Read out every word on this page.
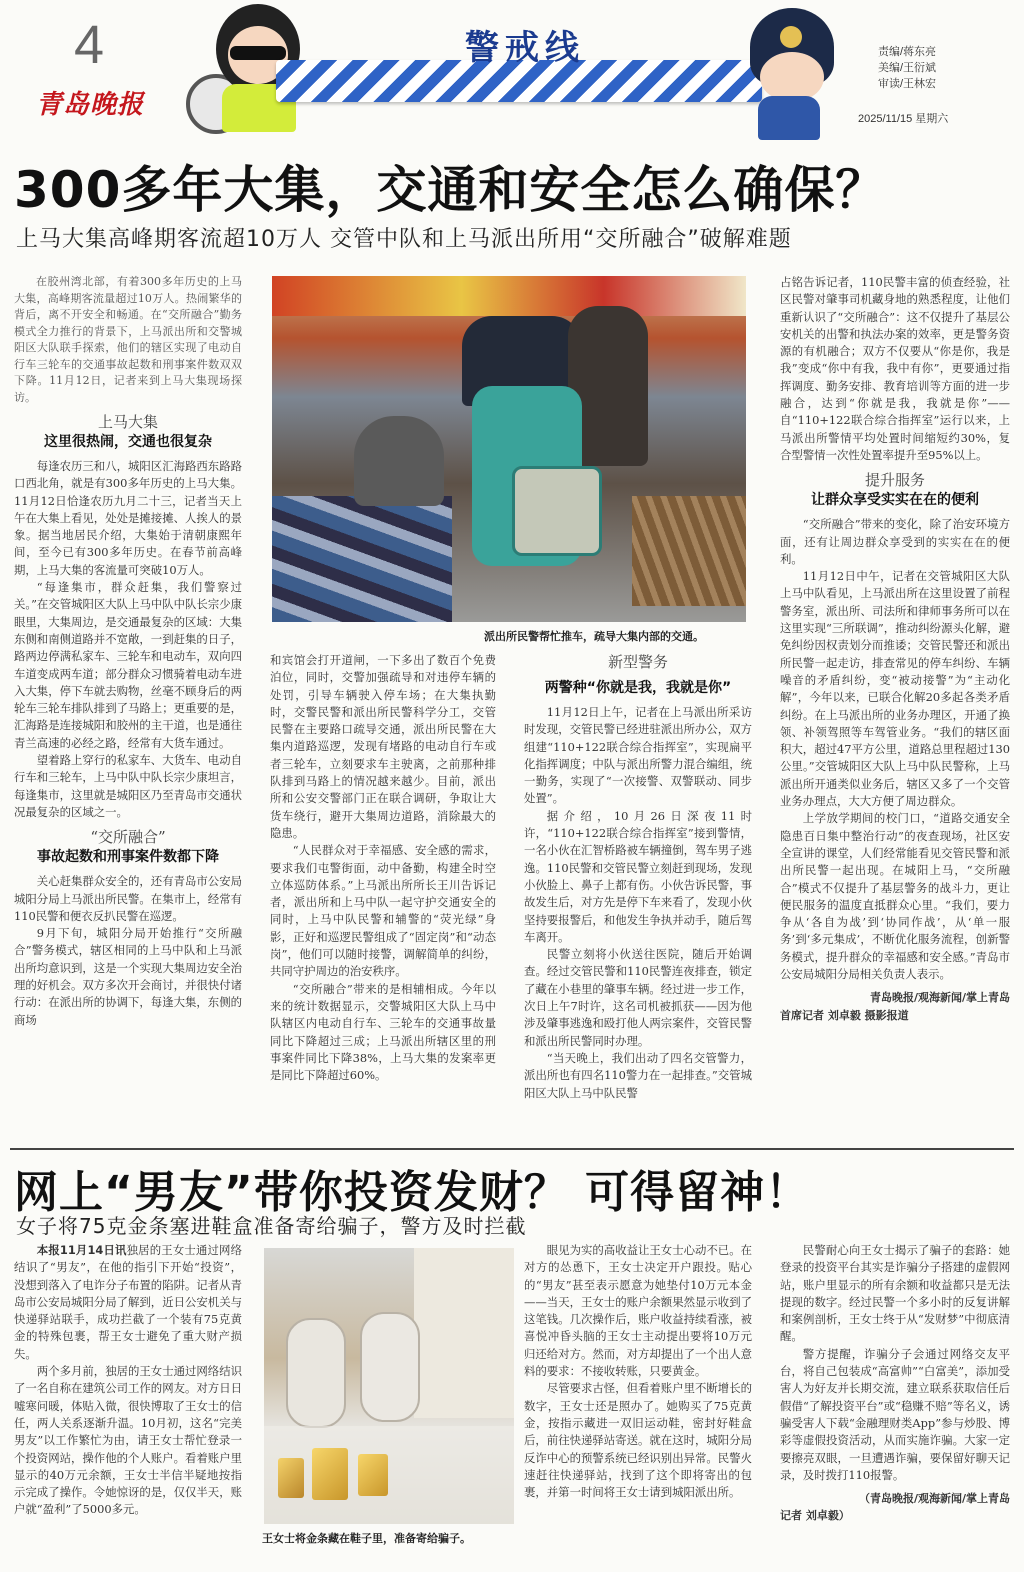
4
青岛晚报
警戒线	责编/蒋东亮
美编/王衍斌
审读/王林宏
2025/11/15 星期六
300多年大集，交通和安全怎么确保？
上马大集高峰期客流超10万人 交管中队和上马派出所用“交所融合”破解难题

在胶州湾北部，有着300多年历史的上马大集，高峰期客流量超过10万人。热闹繁华的背后，离不开安全和畅通。在“交所融合”勤务模式全力推行的背景下，上马派出所和交警城阳区大队联手探索，他们的辖区实现了电动自行车三轮车的交通事故起数和刑事案件数双双下降。11月12日，记者来到上马大集现场探访。

上马大集
这里很热闹，交通也很复杂

每逢农历三和八，城阳区汇海路西东路路口西北角，就是有300多年历史的上马大集。11月12日恰逢农历九月二十三，记者当天上午在大集上看见，处处是摊接摊、人挨人的景象。据当地居民介绍，大集始于清朝康熙年间，至今已有300多年历史。在春节前高峰期，上马大集的客流量可突破10万人。

“每逢集市，群众赶集，我们警察过关。”在交管城阳区大队上马中队中队长宗少康眼里，大集周边，是交通最复杂的区域：大集东侧和南侧道路并不宽敞，一到赶集的日子，路两边停满私家车、三轮车和电动车，双向四车道变成两车道；部分群众习惯骑着电动车进入大集，停下车就去购物，丝毫不顾身后的两轮车三轮车排队排到了马路上；更重要的是，汇海路是连接城阳和胶州的主干道，也是通往青兰高速的必经之路，经常有大货车通过。

望着路上穿行的私家车、大货车、电动自行车和三轮车，上马中队中队长宗少康坦言，每逢集市，这里就是城阳区乃至青岛市交通状况最复杂的区域之一。

“交所融合”
事故起数和刑事案件数都下降

关心赶集群众安全的，还有青岛市公安局城阳分局上马派出所民警。在集市上，经常有110民警和便衣反扒民警在巡逻。

9月下旬，城阳分局开始推行“交所融合”警务模式，辖区相同的上马中队和上马派出所均意识到，这是一个实现大集周边安全治理的好机会。双方多次开会商讨，并很快付诸行动：在派出所的协调下，每逢大集，东侧的商场

派出所民警帮忙推车，疏导大集内部的交通。

和宾馆会打开道闸，一下多出了数百个免费泊位，同时，交警加强疏导和对违停车辆的处罚，引导车辆驶入停车场；在大集执勤时，交警民警和派出所民警科学分工，交管民警在主要路口疏导交通，派出所民警在大集内道路巡逻，发现有堵路的电动自行车或者三轮车，立刻要求车主驶离，之前那种排队排到马路上的情况越来越少。目前，派出所和公安交警部门正在联合调研，争取让大货车绕行，避开大集周边道路，消除最大的隐患。

“人民群众对于幸福感、安全感的需求，要求我们屯警街面，动中备勤，构建全时空立体巡防体系。”上马派出所所长王川告诉记者，派出所和上马中队一起守护交通安全的同时，上马中队民警和辅警的“荧光绿”身影，正好和巡逻民警组成了“固定岗”和“动态岗”，他们可以随时接警，调解简单的纠纷，共同守护周边的治安秩序。

“交所融合”带来的是相辅相成。今年以来的统计数据显示，交警城阳区大队上马中队辖区内电动自行车、三轮车的交通事故量同比下降超过三成；上马派出所辖区里的刑事案件同比下降38%，上马大集的发案率更是同比下降超过60%。

新型警务
两警种“你就是我，我就是你”

11月12日上午，记者在上马派出所采访时发现，交管民警已经进驻派出所办公，双方组建“110+122联合综合指挥室”，实现扁平化指挥调度；中队与派出所警力混合编组，统一勤务，实现了“一次接警、双警联动、同步处置”。

据介绍，10月26日深夜11时许，“110+122联合综合指挥室”接到警情，一名小伙在汇智桥路被车辆撞倒，驾车男子逃逸。110民警和交管民警立刻赶到现场，发现小伙脸上、鼻子上都有伤。小伙告诉民警，事故发生后，对方先是停下车来看了，发现小伙坚持要报警后，和他发生争执并动手，随后驾车离开。

民警立刻将小伙送往医院，随后开始调查。经过交管民警和110民警连夜排查，锁定了藏在小巷里的肇事车辆。经过进一步工作，次日上午7时许，这名司机被抓获——因为他涉及肇事逃逸和殴打他人两宗案件，交管民警和派出所民警同时办理。

“当天晚上，我们出动了四名交管警力，派出所也有四名110警力在一起排查。”交管城阳区大队上马中队民警

占铭告诉记者，110民警丰富的侦查经验，社区民警对肇事司机藏身地的熟悉程度，让他们重新认识了“交所融合”：这不仅提升了基层公安机关的出警和执法办案的效率，更是警务资源的有机融合；双方不仅要从“你是你，我是我”变成“你中有我，我中有你”，更要通过指挥调度、勤务安排、教育培训等方面的进一步融合，达到“你就是我，我就是你”——自“110+122联合综合指挥室”运行以来，上马派出所警情平均处置时间缩短约30%，复合型警情一次性处置率提升至95%以上。

提升服务
让群众享受实实在在的便利

“交所融合”带来的变化，除了治安环境方面，还有让周边群众享受到的实实在在的便利。

11月12日中午，记者在交管城阳区大队上马中队看见，上马派出所在这里设置了前程警务室，派出所、司法所和律师事务所可以在这里实现“三所联调”，推动纠纷源头化解，避免纠纷因权责划分而推诿；交管民警还和派出所民警一起走访，排查常见的停车纠纷、车辆噪音的矛盾纠纷，变“被动接警”为“主动化解”，今年以来，已联合化解20多起各类矛盾纠纷。在上马派出所的业务办理区，开通了换领、补领驾照等车驾管业务。“我们的辖区面积大，超过47平方公里，道路总里程超过130公里。”交管城阳区大队上马中队民警称，上马派出所开通类似业务后，辖区又多了一个交管业务办理点，大大方便了周边群众。

上学放学期间的校门口，“道路交通安全隐患百日集中整治行动”的夜查现场，社区安全宣讲的课堂，人们经常能看见交管民警和派出所民警一起出现。在城阳上马，“交所融合”模式不仅提升了基层警务的战斗力，更让便民服务的温度直抵群众心里。“我们，要力争从‘各自为战’到‘协同作战’，从‘单一服务’到‘多元集成’，不断优化服务流程，创新警务模式，提升群众的幸福感和安全感。”青岛市公安局城阳分局相关负责人表示。

青岛晚报/观海新闻/掌上青岛
首席记者 刘卓毅 摄影报道
网上“男友”带你投资发财？ 可得留神！
女子将75克金条塞进鞋盒准备寄给骗子，警方及时拦截

本报11月14日讯独居的王女士通过网络结识了“男友”，在他的指引下开始“投资”，没想到落入了电诈分子布置的陷阱。记者从青岛市公安局城阳分局了解到，近日公安机关与快递驿站联手，成功拦截了一个装有75克黄金的特殊包裹，帮王女士避免了重大财产损失。

两个多月前，独居的王女士通过网络结识了一名自称在建筑公司工作的网友。对方日日嘘寒问暖，体贴入微，很快博取了王女士的信任，两人关系逐渐升温。10月初，这名“完美男友”以工作繁忙为由，请王女士帮忙登录一个投资网站，操作他的个人账户。看着账户里显示的40万元余额，王女士半信半疑地按指示完成了操作。令她惊讶的是，仅仅半天，账户就“盈利”了5000多元。

王女士将金条藏在鞋子里，准备寄给骗子。

眼见为实的高收益让王女士心动不已。在对方的怂恿下，王女士决定开户跟投。贴心的“男友”甚至表示愿意为她垫付10万元本金——当天，王女士的账户余额果然显示收到了这笔钱。几次操作后，账户收益持续看涨，被喜悦冲昏头脑的王女士主动提出要将10万元归还给对方。然而，对方却提出了一个出人意料的要求：不接收转账，只要黄金。

尽管要求古怪，但看着账户里不断增长的数字，王女士还是照办了。她购买了75克黄金，按指示藏进一双旧运动鞋，密封好鞋盒后，前往快递驿站寄送。就在这时，城阳分局反诈中心的预警系统已经识别出异常。民警火速赶往快递驿站，找到了这个即将寄出的包裹，并第一时间将王女士请到城阳派出所。

民警耐心向王女士揭示了骗子的套路：她登录的投资平台其实是诈骗分子搭建的虚假网站，账户里显示的所有余额和收益都只是无法提现的数字。经过民警一个多小时的反复讲解和案例剖析，王女士终于从“发财梦”中彻底清醒。

警方提醒，诈骗分子会通过网络交友平台，将自己包装成“高富帅”“白富美”，添加受害人为好友并长期交流，建立联系获取信任后假借“了解投资平台”或“稳赚不赔”等名义，诱骗受害人下载“金融理财类App”参与炒股、博彩等虚假投资活动，从而实施诈骗。大家一定要擦亮双眼，一旦遭遇诈骗，要保留好聊天记录，及时拨打110报警。

（青岛晚报/观海新闻/掌上青岛
记者 刘卓毅）
